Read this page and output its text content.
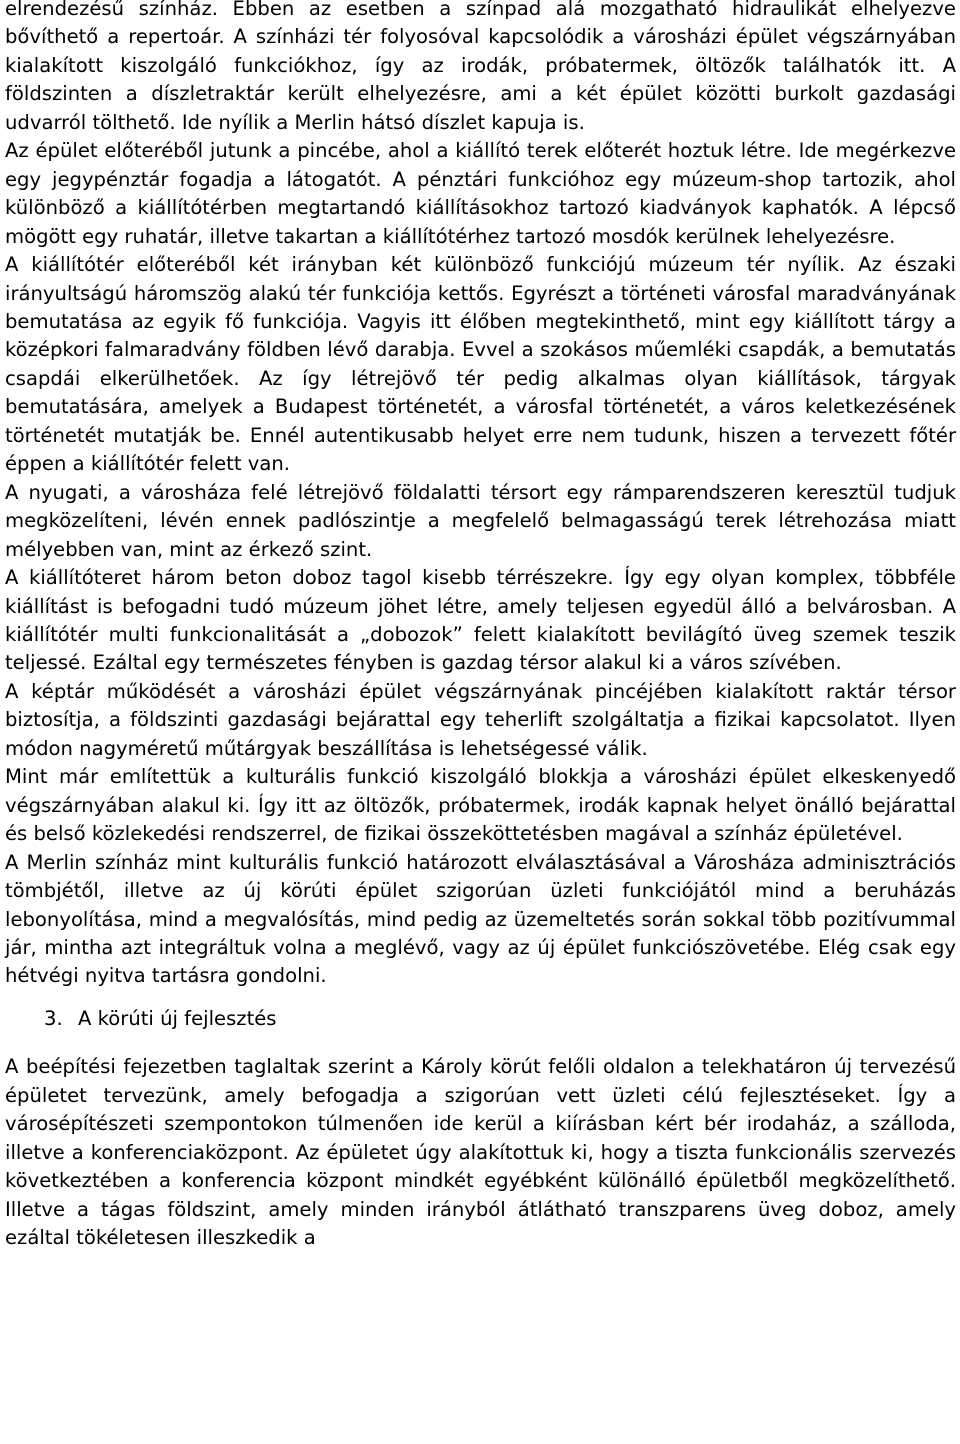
elrendezésű színház. Ebben az esetben a színpad alá mozgatható hidraulikát elhelyezve bővíthető a repertoár. A színházi tér folyosóval kapcsolódik a városházi épület végszárnyában kialakított kiszolgáló funkciókhoz, így az irodák, próbatermek, öltözők találhatók itt. A földszinten a díszletraktár került elhelyezésre, ami a két épület közötti burkolt gazdasági udvarról tölthető. Ide nyílik a Merlin hátsó díszlet kapuja is.

Az épület előteréből jutunk a pincébe, ahol a kiállító terek előterét hoztuk létre. Ide megérkezve egy jegypénztár fogadja a látogatót. A pénztári funkcióhoz egy múzeum-shop tartozik, ahol különböző a kiállítótérben megtartandó kiállításokhoz tartozó kiadványok kaphatók. A lépcső mögött egy ruhatár, illetve takartan a kiállítótérhez tartozó mosdók kerülnek lehelyezésre.

A kiállítótér előteréből két irányban két különböző funkciójú múzeum tér nyílik. Az északi irányultságú háromszög alakú tér funkciója kettős. Egyrészt a történeti városfal maradványának bemutatása az egyik fő funkciója. Vagyis itt élőben megtekinthető, mint egy kiállított tárgy a középkori falmaradvány földben lévő darabja. Evvel a szokásos műemléki csapdák, a bemutatás csapdái elkerülhetőek. Az így létrejövő tér pedig alkalmas olyan kiállítások, tárgyak bemutatására, amelyek a Budapest történetét, a városfal történetét, a város keletkezésének történetét mutatják be. Ennél autentikusabb helyet erre nem tudunk, hiszen a tervezett főtér éppen a kiállítótér felett van.

A nyugati, a városháza felé létrejövő földalatti térsort egy rámparendszeren keresztül tudjuk megközelíteni, lévén ennek padlószintje a megfelelő belmagasságú terek létrehozása miatt mélyebben van, mint az érkező szint.

A kiállítóteret három beton doboz tagol kisebb térrészekre. Így egy olyan komplex, többféle kiállítást is befogadni tudó múzeum jöhet létre, amely teljesen egyedül álló a belvárosban. A kiállítótér multi funkcionalitását a „dobozok” felett kialakított bevilágító üveg szemek teszik teljessé. Ezáltal egy természetes fényben is gazdag térsor alakul ki a város szívében.

A képtár működését a városházi épület végszárnyának pincéjében kialakított raktár térsor biztosítja, a földszinti gazdasági bejárattal egy teherlift szolgáltatja a fizikai kapcsolatot. Ilyen módon nagyméretű műtárgyak beszállítása is lehetségessé válik.

Mint már említettük a kulturális funkció kiszolgáló blokkja a városházi épület elkeskenyedő végszárnyában alakul ki. Így itt az öltözők, próbatermek, irodák kapnak helyet önálló bejárattal és belső közlekedési rendszerrel, de fizikai összeköttetésben magával a színház épületével.

A Merlin színház mint kulturális funkció határozott elválasztásával a Városháza adminisztrációs tömbjétől, illetve az új körúti épület szigorúan üzleti funkciójától mind a beruházás lebonyolítása, mind a megvalósítás, mind pedig az üzemeltetés során sokkal több pozitívummal jár, mintha azt integráltuk volna a meglévő, vagy az új épület funkciószövetébe. Elég csak egy hétvégi nyitva tartásra gondolni.

3. A körúti új fejlesztés

A beépítési fejezetben taglaltak szerint a Károly körút felőli oldalon a telekhatáron új tervezésű épületet tervezünk, amely befogadja a szigorúan vett üzleti célú fejlesztéseket. Így a városépítészeti szempontokon túlmenően ide kerül a kiírásban kért bér irodaház, a szálloda, illetve a konferenciaközpont. Az épületet úgy alakítottuk ki, hogy a tiszta funkcionális szervezés következtében a konferencia központ mindkét egyébként különálló épületből megközelíthető. Illetve a tágas földszint, amely minden irányból átlátható transzparens üveg doboz, amely ezáltal tökéletesen illeszkedik a
